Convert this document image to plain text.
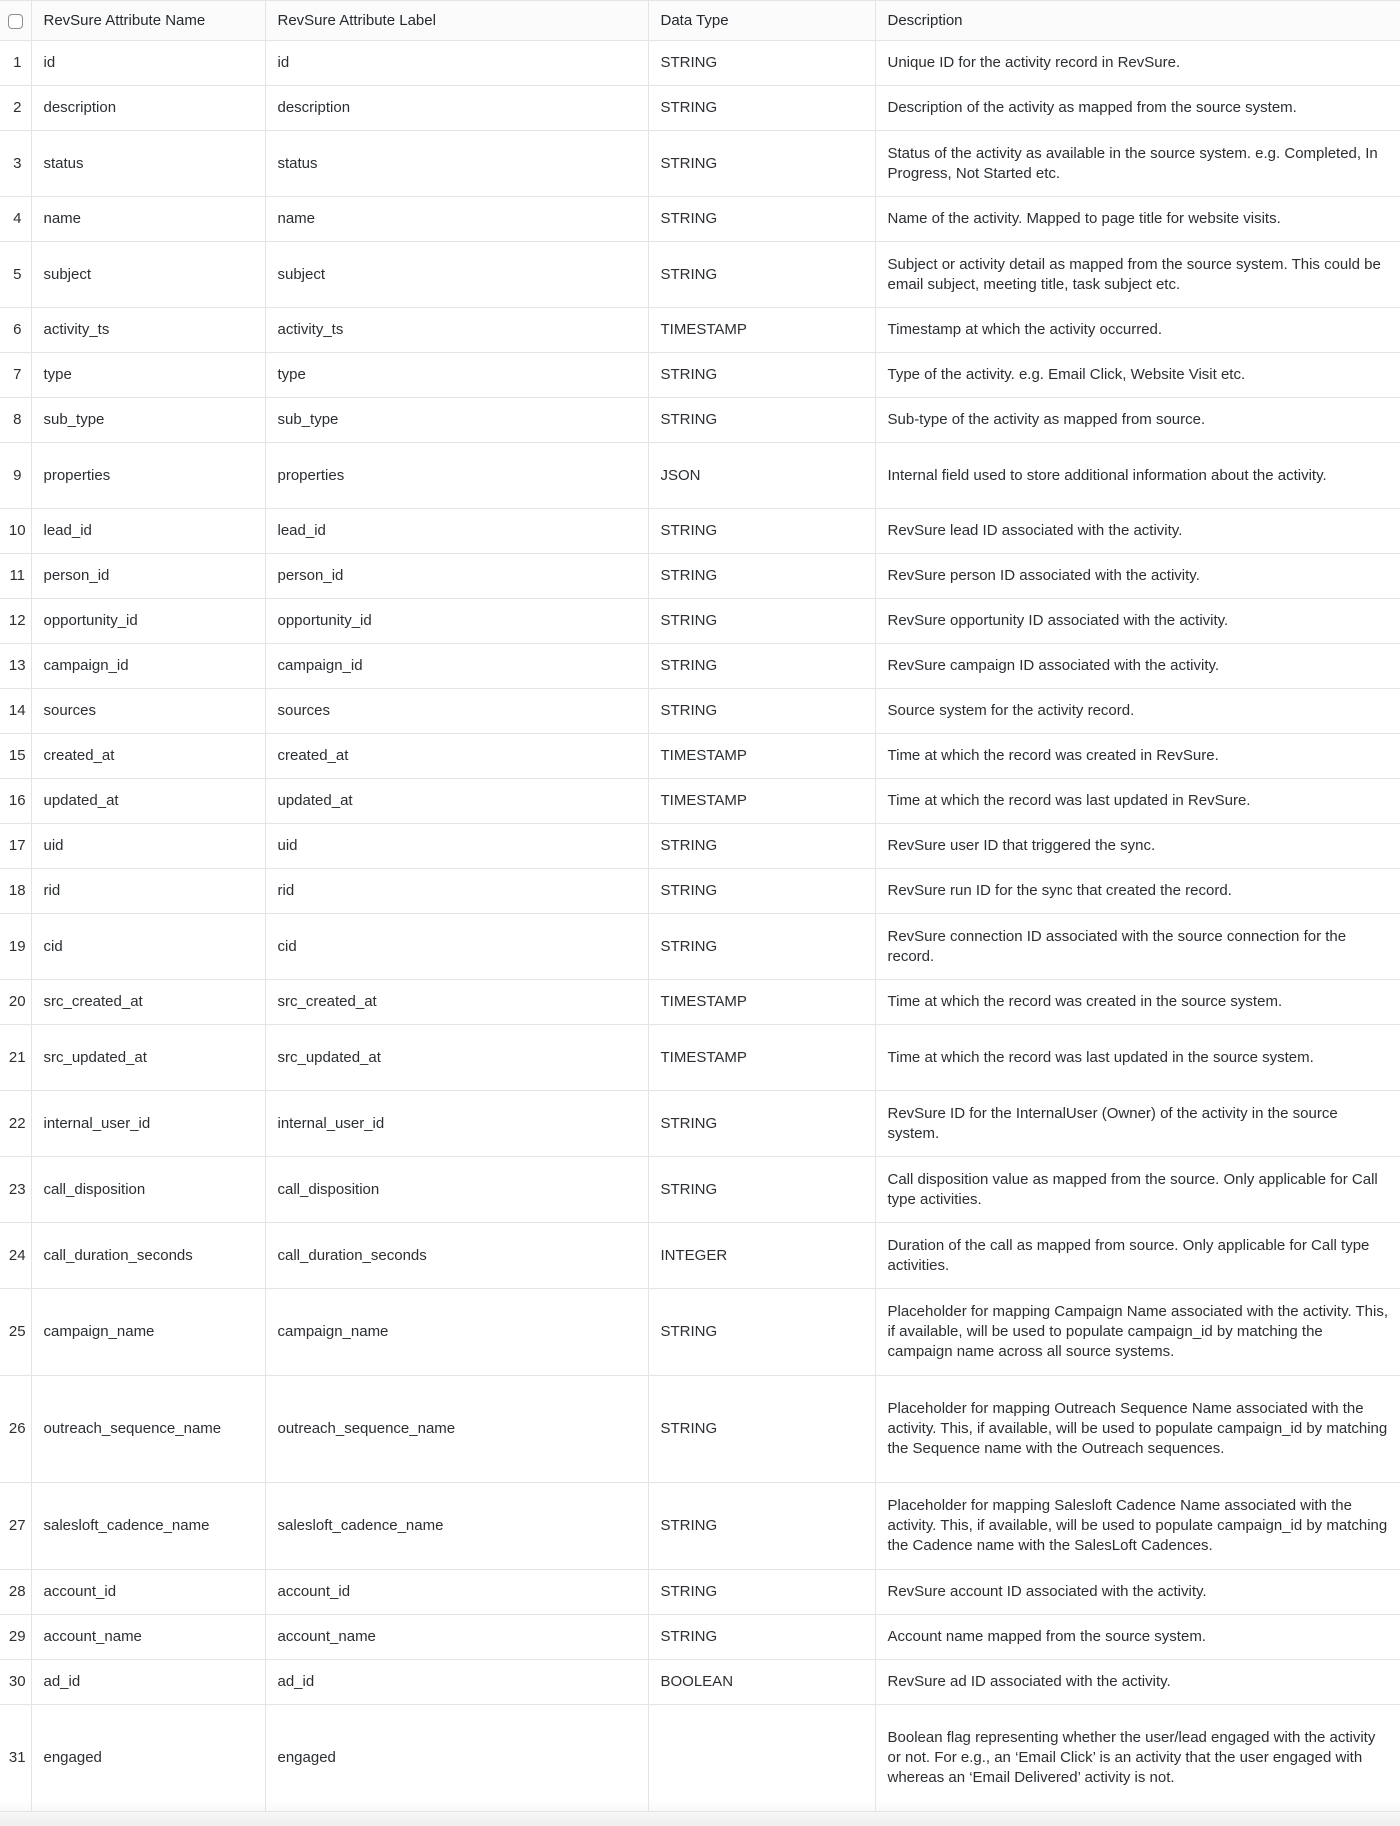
	RevSure Attribute Name	RevSure Attribute Label	Data Type	Description
1	id	id	STRING	Unique ID for the activity record in RevSure.
2	description	description	STRING	Description of the activity as mapped from the source system.
3	status	status	STRING	Status of the activity as available in the source system. e.g. Completed, In Progress, Not Started etc.
4	name	name	STRING	Name of the activity. Mapped to page title for website visits.
5	subject	subject	STRING	Subject or activity detail as mapped from the source system. This could be email subject, meeting title, task subject etc.
6	activity_ts	activity_ts	TIMESTAMP	Timestamp at which the activity occurred.
7	type	type	STRING	Type of the activity. e.g. Email Click, Website Visit etc.
8	sub_type	sub_type	STRING	Sub-type of the activity as mapped from source.
9	properties	properties	JSON	Internal field used to store additional information about the activity.
10	lead_id	lead_id	STRING	RevSure lead ID associated with the activity.
11	person_id	person_id	STRING	RevSure person ID associated with the activity.
12	opportunity_id	opportunity_id	STRING	RevSure opportunity ID associated with the activity.
13	campaign_id	campaign_id	STRING	RevSure campaign ID associated with the activity.
14	sources	sources	STRING	Source system for the activity record.
15	created_at	created_at	TIMESTAMP	Time at which the record was created in RevSure.
16	updated_at	updated_at	TIMESTAMP	Time at which the record was last updated in RevSure.
17	uid	uid	STRING	RevSure user ID that triggered the sync.
18	rid	rid	STRING	RevSure run ID for the sync that created the record.
19	cid	cid	STRING	RevSure connection ID associated with the source connection for the record.
20	src_created_at	src_created_at	TIMESTAMP	Time at which the record was created in the source system.
21	src_updated_at	src_updated_at	TIMESTAMP	Time at which the record was last updated in the source system.
22	internal_user_id	internal_user_id	STRING	RevSure ID for the InternalUser (Owner) of the activity in the source system.
23	call_disposition	call_disposition	STRING	Call disposition value as mapped from the source. Only applicable for Call type activities.
24	call_duration_seconds	call_duration_seconds	INTEGER	Duration of the call as mapped from source. Only applicable for Call type activities.
25	campaign_name	campaign_name	STRING	Placeholder for mapping Campaign Name associated with the activity. This, if available, will be used to populate campaign_id by matching the campaign name across all source systems.
26	outreach_sequence_name	outreach_sequence_name	STRING	Placeholder for mapping Outreach Sequence Name associated with the activity. This, if available, will be used to populate campaign_id by matching the Sequence name with the Outreach sequences.
27	salesloft_cadence_name	salesloft_cadence_name	STRING	Placeholder for mapping Salesloft Cadence Name associated with the activity. This, if available, will be used to populate campaign_id by matching the Cadence name with the SalesLoft Cadences.
28	account_id	account_id	STRING	RevSure account ID associated with the activity.
29	account_name	account_name	STRING	Account name mapped from the source system.
30	ad_id	ad_id	BOOLEAN	RevSure ad ID associated with the activity.
31	engaged	engaged		Boolean flag representing whether the user/lead engaged with the activity or not. For e.g., an ‘Email Click’ is an activity that the user engaged with whereas an ‘Email Delivered’ activity is not.
